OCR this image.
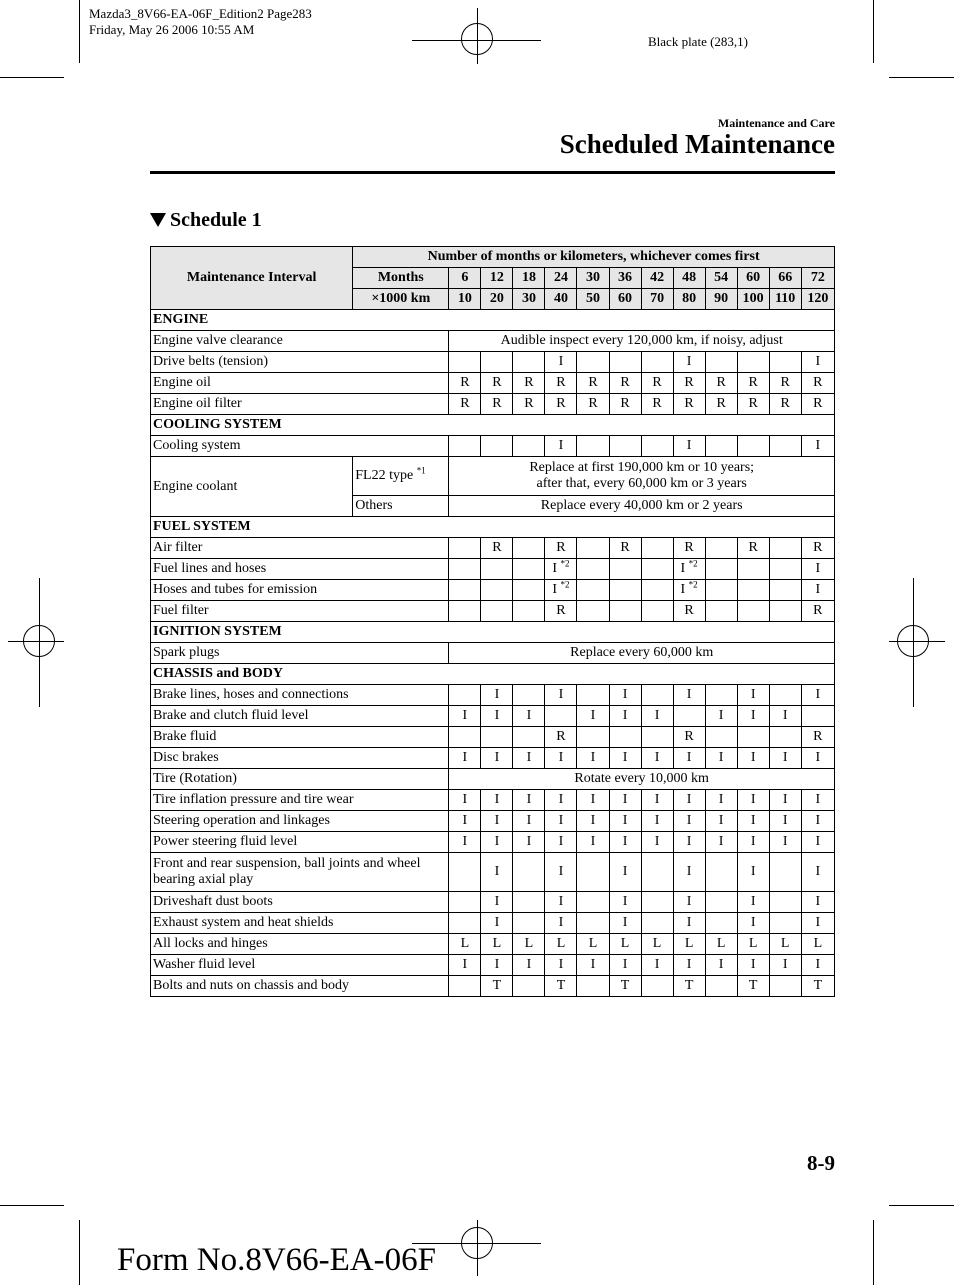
Mazda3_8V66-EA-06F_Edition2 Page283
Friday, May 26 2006 10:55 AM
Black plate (283,1)
Maintenance and Care
Scheduled Maintenance
Schedule 1
Maintenance Interval	Number of months or kilometers, whichever comes first												
	Months	6	12	18	24	30	36	42	48	54	60	66	72
	×1000 km	10	20	30	40	50	60	70	80	90	100	110	120
ENGINE													
Engine valve clearance		Audible inspect every 120,000 km, if noisy, adjust											
Drive belts (tension)					I				I				I
Engine oil		R	R	R	R	R	R	R	R	R	R	R	R
Engine oil filter		R	R	R	R	R	R	R	R	R	R	R	R
COOLING SYSTEM													
Cooling system					I				I				I
Engine coolant	FL22 type $^{*1}$	Replace at first 190,000 km or 10 years;
after that, every 60,000 km or 3 years											

	Others	Replace every 40,000 km or 2 years											
FUEL SYSTEM													
Air filter			R		R		R		R		R		R
Fuel lines and hoses					I $^{*2}$				I $^{*2}$				I
Hoses and tubes for emission					I $^{*2}$				I $^{*2}$				I
Fuel filter					R				R				R
IGNITION SYSTEM													
Spark plugs		Replace every 60,000 km											
CHASSIS and BODY													
Brake lines, hoses and connections			I		I		I		I		I		I
Brake and clutch fluid level		I	I	I		I	I	I		I	I	I	
Brake fluid					R				R				R
Disc brakes		I	I	I	I	I	I	I	I	I	I	I	I
Tire (Rotation)		Rotate every 10,000 km											
Tire inflation pressure and tire wear		I	I	I	I	I	I	I	I	I	I	I	I
Steering operation and linkages		I	I	I	I	I	I	I	I	I	I	I	I
Power steering fluid level		I	I	I	I	I	I	I	I	I	I	I	I
Front and rear suspension, ball joints and wheel bearing axial play			I		I		I		I		I		I
Driveshaft dust boots			I		I		I		I		I		I
Exhaust system and heat shields			I		I		I		I		I		I
All locks and hinges		L	L	L	L	L	L	L	L	L	L	L	L
Washer fluid level		I	I	I	I	I	I	I	I	I	I	I	I
Bolts and nuts on chassis and body			T		T		T		T		T		T
8-9
Form No.8V66-EA-06F
